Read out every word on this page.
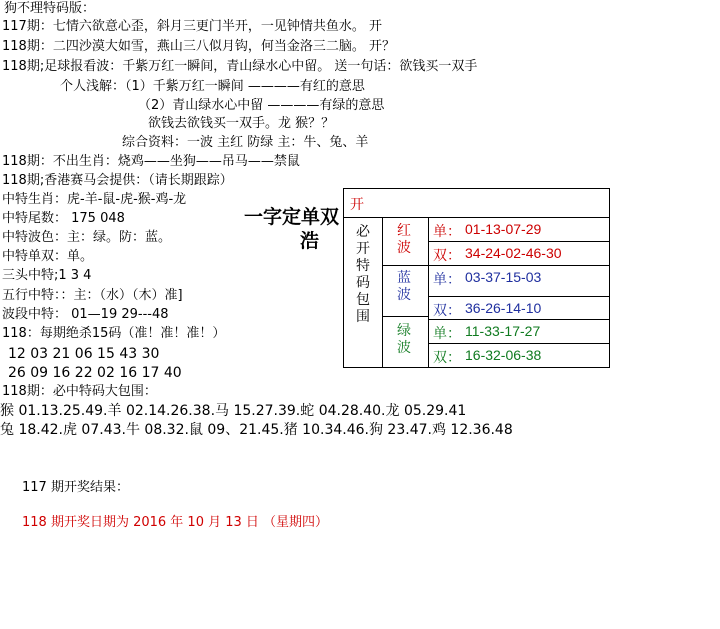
狗不理特码版：
117期：七情六欲意心歪，斜月三更门半开，一见钟情共鱼水。 开
118期：二四沙漠大如雪，燕山三八似月钩，何当金洛三二脑。 开？
118期;足球报看波：千紫万红一瞬间，青山绿水心中留。 送一句话：欲钱买一双手
个人浅解：（1）千紫万红一瞬间 ————有红的意思
（2）青山绿水心中留 ————有绿的意思
欲钱去欲钱买一双手。龙 猴？？
综合资料：一波 主红 防绿 主：牛、兔、羊
118期：不出生肖：烧鸡——坐狗——吊马——禁鼠
118期;香港赛马会提供：（请长期跟踪）
中特生肖：虎-羊-鼠-虎-猴-鸡-龙
中特尾数： 175 048
中特波色：主：绿。防：蓝。
中特单双：单。
三头中特;1 3 4
五行中特：：主：（水）（木）准]
波段中特： 01—19 29---48
118：每期绝杀15码（准！准！准！）
12 03 21 06 15 43 30
26 09 16 22 02 16 17 40
118期：必中特码大包围：
猴 01.13.25.49.羊 02.14.26.38.马 15.27.39.蛇 04.28.40.龙 05.29.41
兔 18.42.虎 07.43.牛 08.32.鼠 09、21.45.猪 10.34.46.狗 23.47.鸡 12.36.48
117 期开奖结果：
118 期开奖日期为 2016 年 10 月 13 日 （星期四）
一字定单双
浩
开
必
开
特
码
包
围
红
波
蓝
波
绿
波
单： 01-13-07-29
双： 34-24-02-46-30
单： 03-37-15-03
双： 36-26-14-10
单： 11-33-17-27
双： 16-32-06-38
